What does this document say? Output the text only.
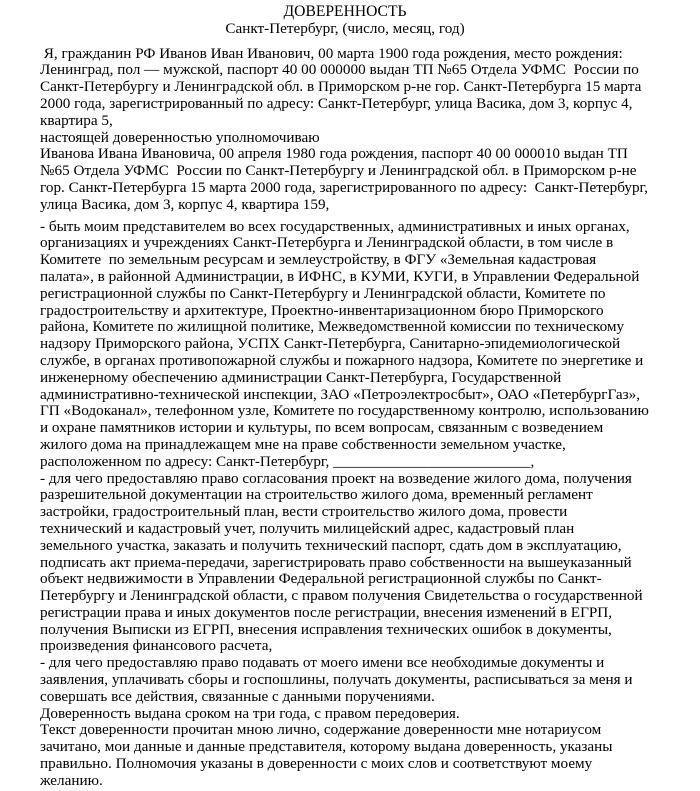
ДОВЕРЕННОСТЬ
Санкт-Петербург, (число, месяц, год)

Я, гражданин РФ Иванов Иван Иванович, 00 марта 1900 года рождения, место рождения: Ленинград, пол — мужской, паспорт 40 00 000000 выдан ТП №65 Отдела УФМС  России по Санкт-Петербургу и Ленинградской обл. в Приморском р-не гор. Санкт-Петербурга 15 марта 2000 года, зарегистрированный по адресу: Санкт-Петербург, улица Васика, дом 3, корпус 4, квартира 5,

настоящей доверенностью уполномочиваю

Иванова Ивана Ивановича, 00 апреля 1980 года рождения, паспорт 40 00 000010 выдан ТП №65 Отдела УФМС  России по Санкт-Петербургу и Ленинградской обл. в Приморском р-не гор. Санкт-Петербурга 15 марта 2000 года, зарегистрированного по адресу:  Санкт-Петербург, улица Васика, дом 3, корпус 4, квартира 159,

- быть моим представителем во всех государственных, административных и иных органах, организациях и учреждениях Санкт-Петербурга и Ленинградской области, в том числе в Комитете  по земельным ресурсам и землеустройству, в ФГУ «Земельная кадастровая палата», в районной Администрации, в ИФНС, в КУМИ, КУГИ, в Управлении Федеральной регистрационной службы по Санкт-Петербургу и Ленинградской области, Комитете по градостроительству и архитектуре, Проектно-инвентаризационном бюро Приморского района, Комитете по жилищной политике, Межведомственной комиссии по техническому надзору Приморского района, УСПХ Санкт-Петербурга, Санитарно-эпидемиологической службе, в органах противопожарной службы и пожарного надзора, Комитете по энергетике и инженерному обеспечению администрации Санкт-Петербурга, Государственной административно-технической инспекции, ЗАО «Петроэлектросбыт», ОАО «ПетербургГаз», ГП «Водоканал», телефонном узле, Комитете по государственному контролю, использованию и охране памятников истории и культуры, по всем вопросам, связанным с возведением жилого дома на принадлежащем мне на праве собственности земельном участке, расположенном по адресу: Санкт-Петербург, __________________________,

- для чего предоставляю право согласования проект на возведение жилого дома, получения разрешительной документации на строительство жилого дома, временный регламент застройки, градостроительный план, вести строительство жилого дома, провести технический и кадастровый учет, получить милицейский адрес, кадастровый план земельного участка, заказать и получить технический паспорт, сдать дом в эксплуатацию, подписать акт приема-передачи, зарегистрировать право собственности на вышеуказанный объект недвижимости в Управлении Федеральной регистрационной службы по Санкт-Петербургу и Ленинградской области, с правом получения Свидетельства о государственной регистрации права и иных документов после регистрации, внесения изменений в ЕГРП, получения Выписки из ЕГРП, внесения исправления технических ошибок в документы, произведения финансового расчета,

- для чего предоставляю право подавать от моего имени все необходимые документы и заявления, уплачивать сборы и госпошлины, получать документы, расписываться за меня и совершать все действия, связанные с данными поручениями.

Доверенность выдана сроком на три года, с правом передоверия.

Текст доверенности прочитан мною лично, содержание доверенности мне нотариусом зачитано, мои данные и данные представителя, которому выдана доверенность, указаны правильно. Полномочия указаны в доверенности с моих слов и соответствуют моему желанию.
